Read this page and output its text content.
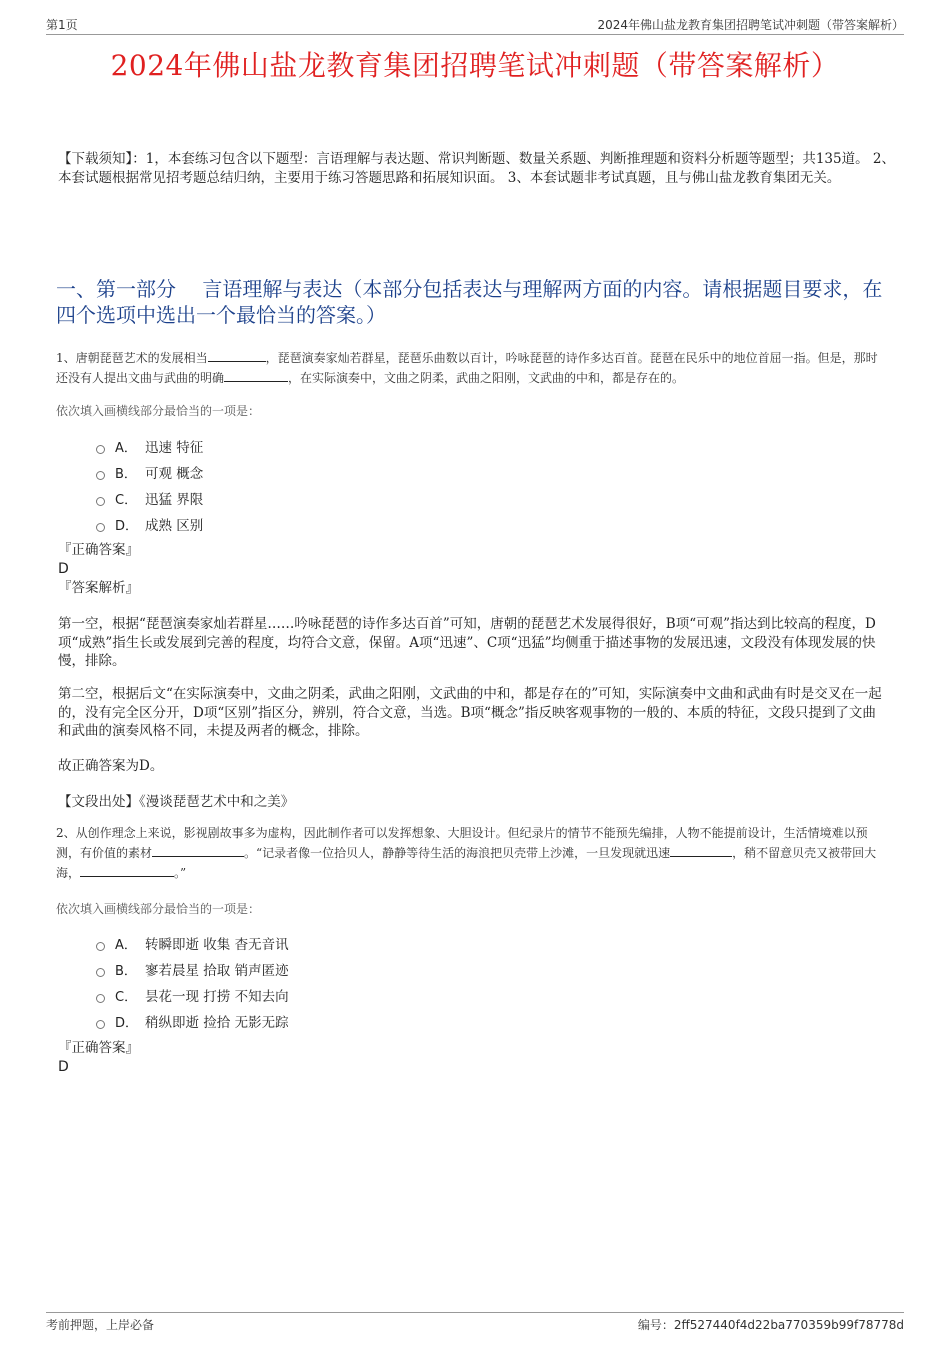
第1页	2024年佛山盐龙教育集团招聘笔试冲刺题（带答案解析）
2024年佛山盐龙教育集团招聘笔试冲刺题（带答案解析）
【下载须知】：1，本套练习包含以下题型：言语理解与表达题、常识判断题、数量关系题、判断推理题和资料分析题等题型；共135道。 2、本套试题根据常见招考题总结归纳，主要用于练习答题思路和拓展知识面。 3、本套试题非考试真题，且与佛山盐龙教育集团无关。
一、第一部分　 言语理解与表达（本部分包括表达与理解两方面的内容。请根据题目要求，在四个选项中选出一个最恰当的答案。）
1、唐朝琵琶艺术的发展相当	，琵琶演奏家灿若群星，琵琶乐曲数以百计，吟咏琵琶的诗作多达百首。琵琶在民乐中的地位首屈一指。但是，那时还没有人提出文曲与武曲的明确	，在实际演奏中，文曲之阴柔，武曲之阳刚，文武曲的中和，都是存在的。
依次填入画横线部分最恰当的一项是：
A． 迅速 特征
B． 可观 概念
C． 迅猛 界限
D． 成熟 区别
『正确答案』
D
『答案解析』
第一空，根据“琵琶演奏家灿若群星……吟咏琵琶的诗作多达百首”可知，唐朝的琵琶艺术发展得很好，B项“可观”指达到比较高的程度，D项“成熟”指生长或发展到完善的程度，均符合文意，保留。A项“迅速”、C项“迅猛”均侧重于描述事物的发展迅速，文段没有体现发展的快慢，排除。
第二空，根据后文“在实际演奏中，文曲之阴柔，武曲之阳刚，文武曲的中和，都是存在的”可知，实际演奏中文曲和武曲有时是交叉在一起的，没有完全区分开，D项“区别”指区分，辨别，符合文意，当选。B项“概念”指反映客观事物的一般的、本质的特征，文段只提到了文曲和武曲的演奏风格不同，未提及两者的概念，排除。
故正确答案为D。
【文段出处】《漫谈琵琶艺术中和之美》
2、从创作理念上来说，影视剧故事多为虚构，因此制作者可以发挥想象、大胆设计。但纪录片的情节不能预先编排，人物不能提前设计，生活情境难以预测，有价值的素材	。“记录者像一位拾贝人，静静等待生活的海浪把贝壳带上沙滩，一旦发现就迅速	，稍不留意贝壳又被带回大海，	。”
依次填入画横线部分最恰当的一项是：
A． 转瞬即逝 收集 杳无音讯
B． 寥若晨星 拾取 销声匿迹
C． 昙花一现 打捞 不知去向
D． 稍纵即逝 捡拾 无影无踪
『正确答案』
D
考前押题，上岸必备	编号：2ff527440f4d22ba770359b99f78778d
